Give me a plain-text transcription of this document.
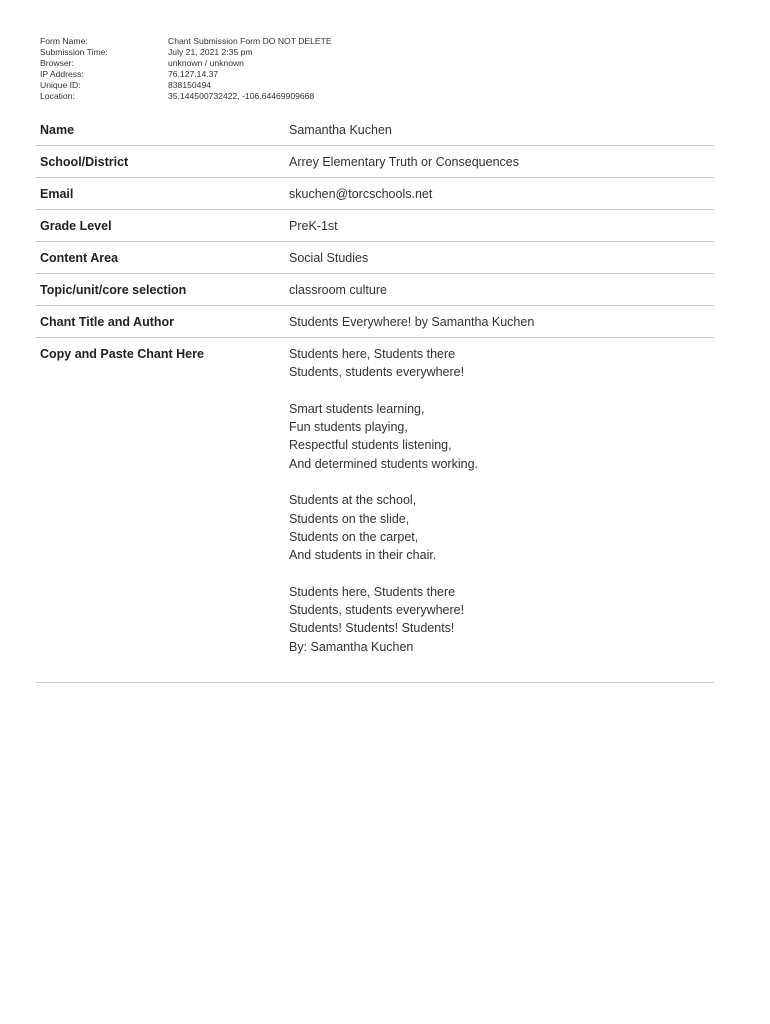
Form Name:	Chant Submission Form DO NOT DELETE
Submission Time:	July 21, 2021 2:35 pm
Browser:	unknown / unknown
IP Address:	76.127.14.37
Unique ID:	838150494
Location:	35.144500732422, -106.64469909668
Name	Samantha Kuchen
School/District	Arrey Elementary Truth or Consequences
Email	skuchen@torcschools.net
Grade Level	PreK-1st
Content Area	Social Studies
Topic/unit/core selection	classroom culture
Chant Title and Author	Students Everywhere! by Samantha Kuchen
Copy and Paste Chant Here	Students here, Students there
Students, students everywhere!
Smart students learning,
Fun students playing,
Respectful students listening,
And determined students working.
Students at the school,
Students on the slide,
Students on the carpet,
And students in their chair.
Students here, Students there
Students, students everywhere!
Students! Students! Students!
By: Samantha Kuchen
